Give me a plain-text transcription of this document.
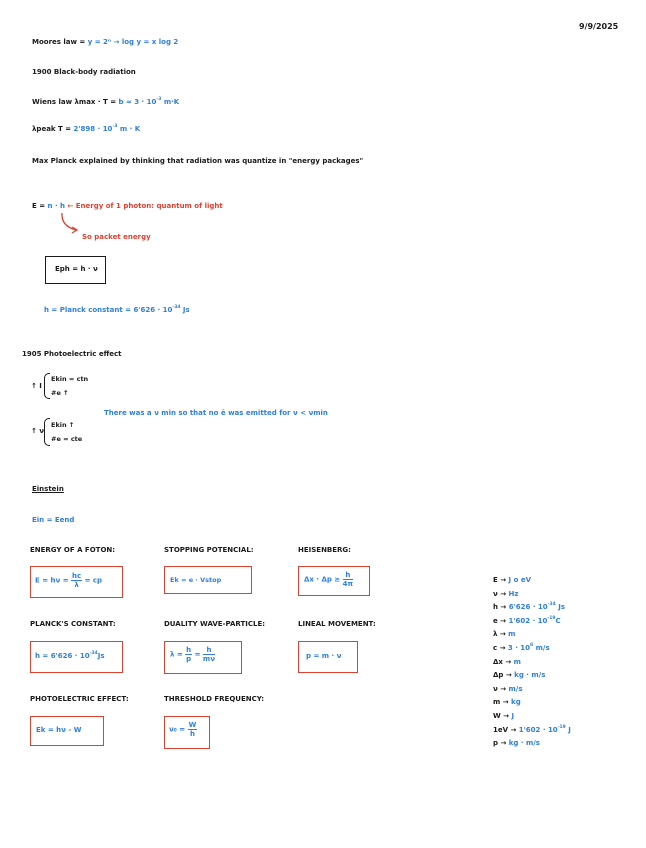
9/9/2025
Moores law = y = 2ⁿ → log y = x log 2
1900 Black-body radiation
Wiens law $\lambda\max \cdot T = b \approx 3 \cdot 10^{-3}$ m·K
λpeak $T = 2'898 \cdot 10^{-3}$ m · K
Max Planck explained by thinking that radiation was quantize in "energy packages"
E = n · h ← Energy of 1 photon: quantum of light
So packet energy
Eph = h · ν
h = Planck constant = $6'626 \cdot 10^{-34}$ Js
1905 Photoelectric effect
↑ I
Ekin = ctn
#e ↑
↑ ν
Ekin ↑
#e = cte
There was a ν min so that no ē was emitted for ν < νmin
Einstein
Ein = Eend
ENERGY OF A FOTON:	STOPPING POTENCIAL:	HEISENBERG:
$E = h\nu = \frac{hc}{\lambda}$ = cp	Ek = e · Vstop	$\Delta x \cdot \Delta p \ge \frac{h}{4\pi}$
PLANCK'S CONSTANT:	DUALITY WAVE-PARTICLE:	LINEAL MOVEMENT:
$h = 6'626 \cdot 10^{-34}Js$	$\lambda = \frac{h}{p} = \frac{h}{m\nu}$	p = m · ν
PHOTOELECTRIC EFFECT:	THRESHOLD FREQUENCY:
Ek = hν - W	$\nu_0 = \frac{W}{h}$
E → J o eV
ν → Hz
$h \to 6'626 \cdot 10^{-34}$ Js
$e \to 1'602 \cdot 10^{-19}C$
λ → m
$c \to 3 \cdot 10^8$ m/s
Δx → m
Δp → kg · m/s
ν → m/s
m → kg
W → J
$1eV \to 1'602 \cdot 10^{-19}$ J
p → kg · m/s
